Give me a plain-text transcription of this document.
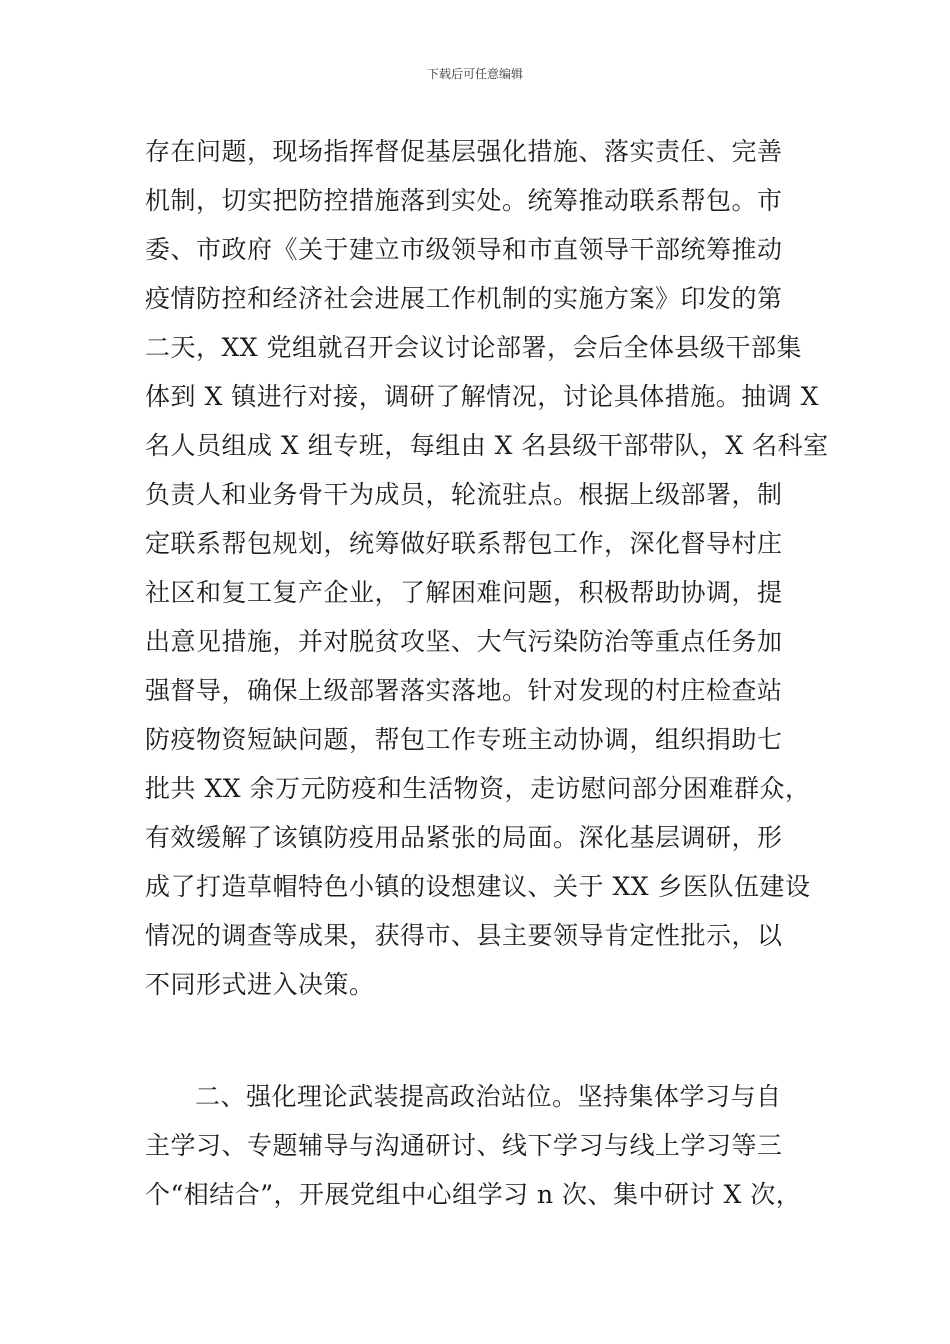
下载后可任意编辑
存在问题，现场指挥督促基层强化措施、落实责任、完善
机制，切实把防控措施落到实处。统筹推动联系帮包。市
委、市政府《关于建立市级领导和市直领导干部统筹推动
疫情防控和经济社会进展工作机制的实施方案》印发的第
二天，XX 党组就召开会议讨论部署，会后全体县级干部集
体到 X 镇进行对接，调研了解情况，讨论具体措施。抽调 X
名人员组成 X 组专班，每组由 X 名县级干部带队，X 名科室
负责人和业务骨干为成员，轮流驻点。根据上级部署，制
定联系帮包规划，统筹做好联系帮包工作，深化督导村庄
社区和复工复产企业，了解困难问题，积极帮助协调，提
出意见措施，并对脱贫攻坚、大气污染防治等重点任务加
强督导，确保上级部署落实落地。针对发现的村庄检查站
防疫物资短缺问题，帮包工作专班主动协调，组织捐助七
批共 XX 余万元防疫和生活物资，走访慰问部分困难群众，
有效缓解了该镇防疫用品紧张的局面。深化基层调研，形
成了打造草帽特色小镇的设想建议、关于 XX 乡医队伍建设
情况的调查等成果，获得市、县主要领导肯定性批示，以
不同形式进入决策。
二、强化理论武装提高政治站位。坚持集体学习与自
主学习、专题辅导与沟通研讨、线下学习与线上学习等三
个“相结合”，开展党组中心组学习 n 次、集中研讨 X 次，
